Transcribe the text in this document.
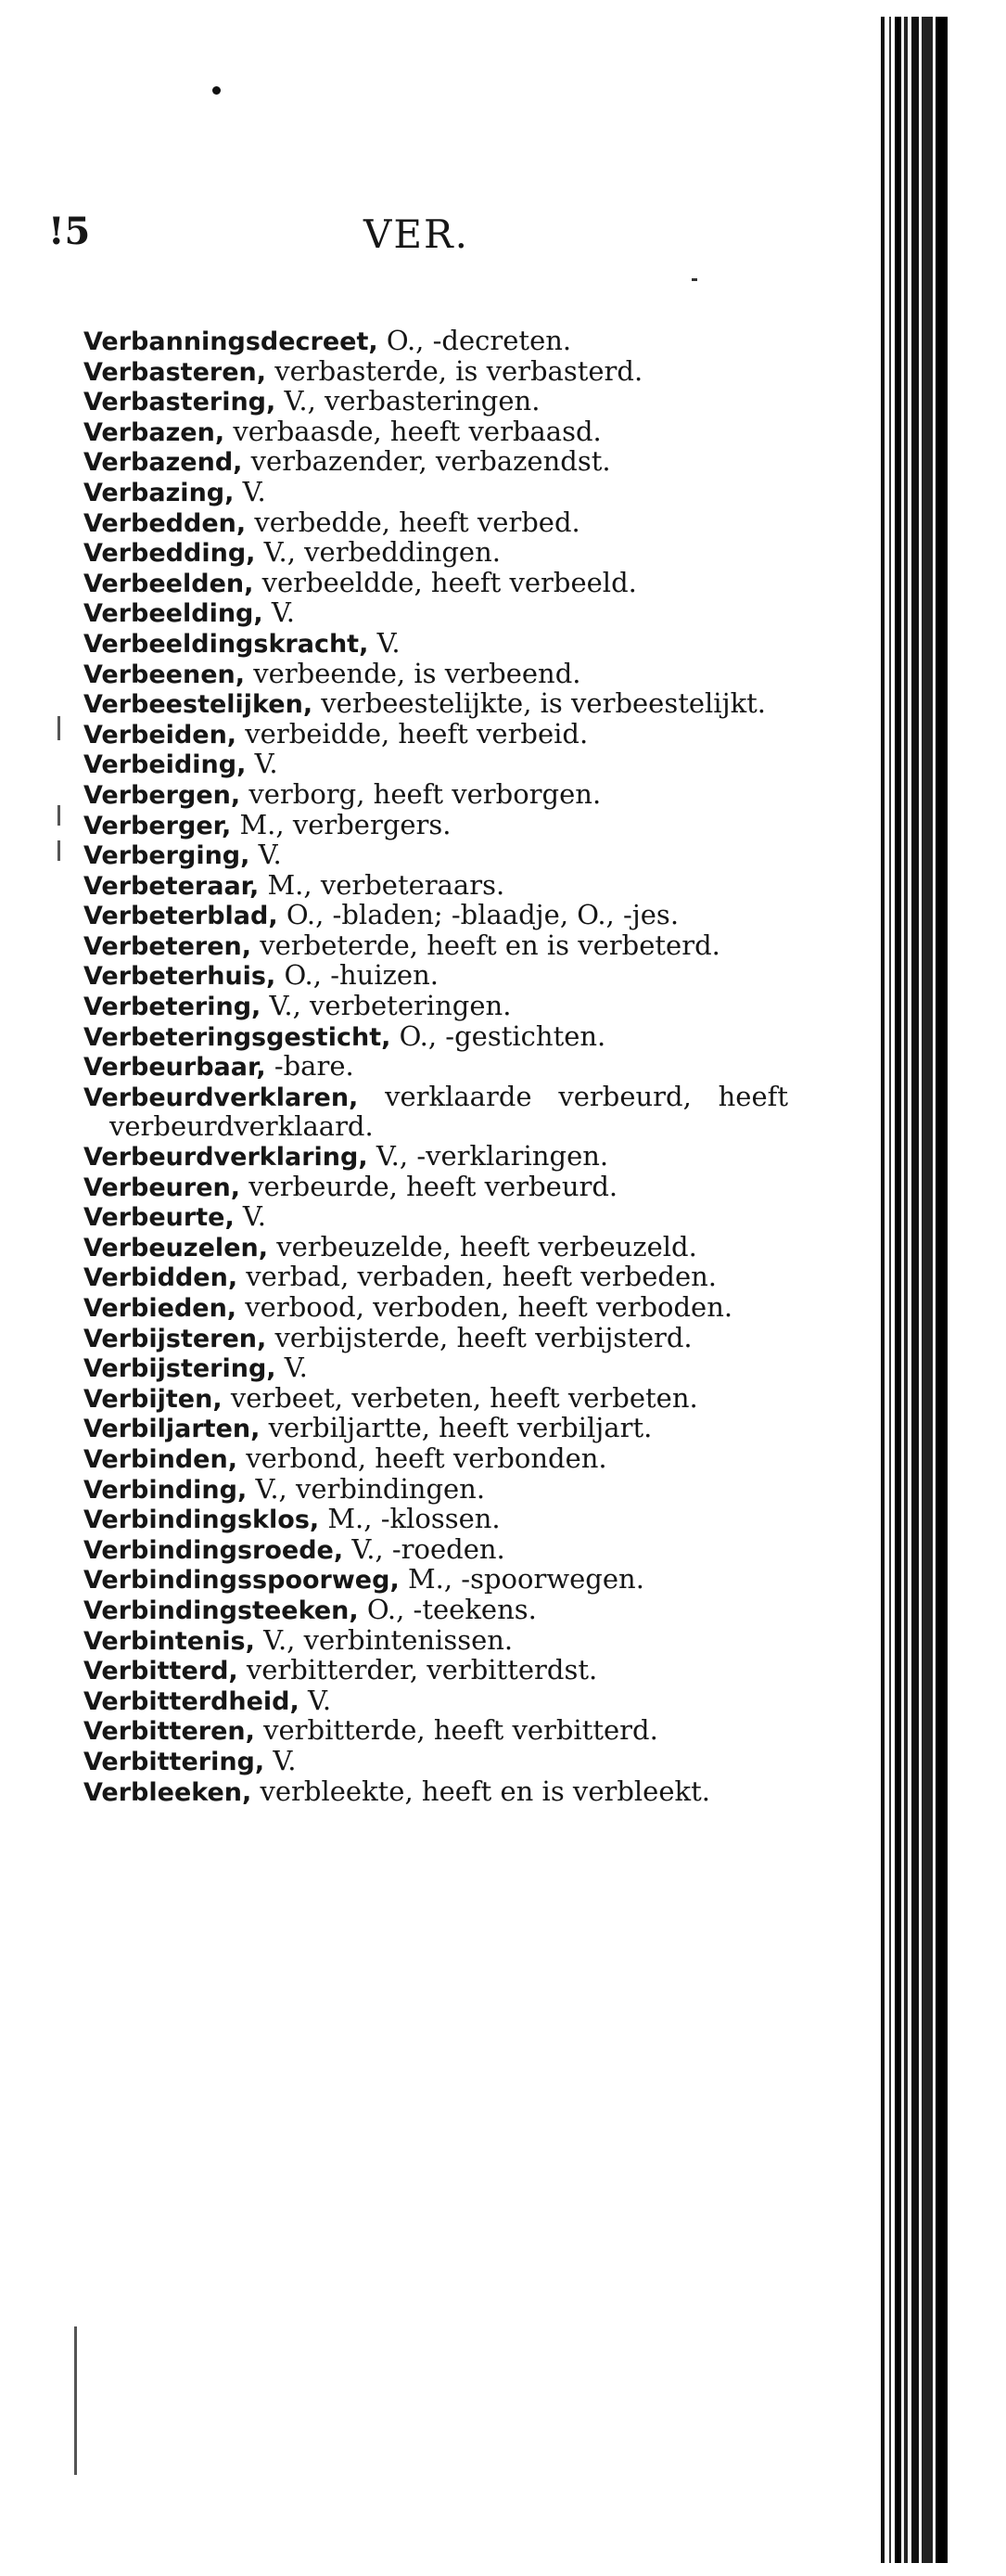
!5	VER.
Verbanningsdecreet, O., -decreten.
Verbasteren, verbasterde, is verbasterd.
Verbastering, V., verbasteringen.
Verbazen, verbaasde, heeft verbaasd.
Verbazend, verbazender, verbazendst.
Verbazing, V.
Verbedden, verbedde, heeft verbed.
Verbedding, V., verbeddingen.
Verbeelden, verbeeldde, heeft verbeeld.
Verbeelding, V.
Verbeeldingskracht, V.
Verbeenen, verbeende, is verbeend.
Verbeestelijken, verbeestelijkte, is verbeestelijkt.
Verbeiden, verbeidde, heeft verbeid.
Verbeiding, V.
Verbergen, verborg, heeft verborgen.
Verberger, M., verbergers.
Verberging, V.
Verbeteraar, M., verbeteraars.
Verbeterblad, O., -bladen; -blaadje, O., -jes.
Verbeteren, verbeterde, heeft en is verbeterd.
Verbeterhuis, O., -huizen.
Verbetering, V., verbeteringen.
Verbeteringsgesticht, O., -gestichten.
Verbeurbaar, -bare.
Verbeurdverklaren, verklaarde verbeurd, heeft verbeurdverklaard.
Verbeurdverklaring, V., -verklaringen.
Verbeuren, verbeurde, heeft verbeurd.
Verbeurte, V.
Verbeuzelen, verbeuzelde, heeft verbeuzeld.
Verbidden, verbad, verbaden, heeft verbeden.
Verbieden, verbood, verboden, heeft verboden.
Verbijsteren, verbijsterde, heeft verbijsterd.
Verbijstering, V.
Verbijten, verbeet, verbeten, heeft verbeten.
Verbiljarten, verbiljartte, heeft verbiljart.
Verbinden, verbond, heeft verbonden.
Verbinding, V., verbindingen.
Verbindingsklos, M., -klossen.
Verbindingsroede, V., -roeden.
Verbindingsspoorweg, M., -spoorwegen.
Verbindingsteeken, O., -teekens.
Verbintenis, V., verbintenissen.
Verbitterd, verbitterder, verbitterdst.
Verbitterdheid, V.
Verbitteren, verbitterde, heeft verbitterd.
Verbittering, V.
Verbleeken, verbleekte, heeft en is verbleekt.
